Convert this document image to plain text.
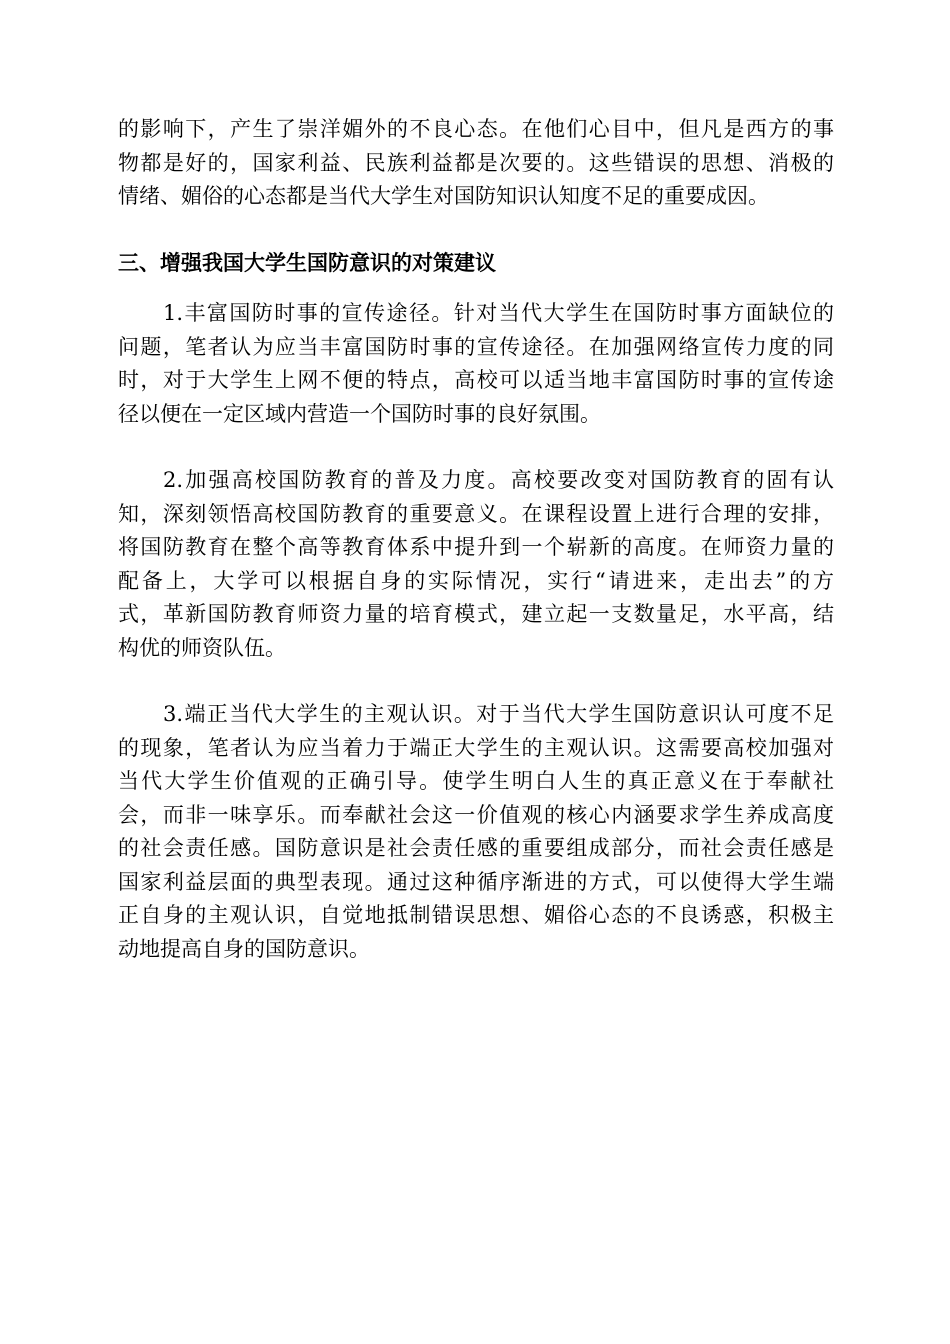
的影响下，产生了崇洋媚外的不良心态。在他们心目中，但凡是西方的事
物都是好的，国家利益、民族利益都是次要的。这些错误的思想、消极的
情绪、媚俗的心态都是当代大学生对国防知识认知度不足的重要成因。
三、增强我国大学生国防意识的对策建议
1.丰富国防时事的宣传途径。针对当代大学生在国防时事方面缺位的
问题，笔者认为应当丰富国防时事的宣传途径。在加强网络宣传力度的同
时，对于大学生上网不便的特点，高校可以适当地丰富国防时事的宣传途
径以便在一定区域内营造一个国防时事的良好氛围。
2.加强高校国防教育的普及力度。高校要改变对国防教育的固有认
知，深刻领悟高校国防教育的重要意义。在课程设置上进行合理的安排，
将国防教育在整个高等教育体系中提升到一个崭新的高度。在师资力量的
配备上，大学可以根据自身的实际情况，实行“请进来，走出去”的方
式，革新国防教育师资力量的培育模式，建立起一支数量足，水平高，结
构优的师资队伍。
3.端正当代大学生的主观认识。对于当代大学生国防意识认可度不足
的现象，笔者认为应当着力于端正大学生的主观认识。这需要高校加强对
当代大学生价值观的正确引导。使学生明白人生的真正意义在于奉献社
会，而非一味享乐。而奉献社会这一价值观的核心内涵要求学生养成高度
的社会责任感。国防意识是社会责任感的重要组成部分，而社会责任感是
国家利益层面的典型表现。通过这种循序渐进的方式，可以使得大学生端
正自身的主观认识，自觉地抵制错误思想、媚俗心态的不良诱惑，积极主
动地提高自身的国防意识。
